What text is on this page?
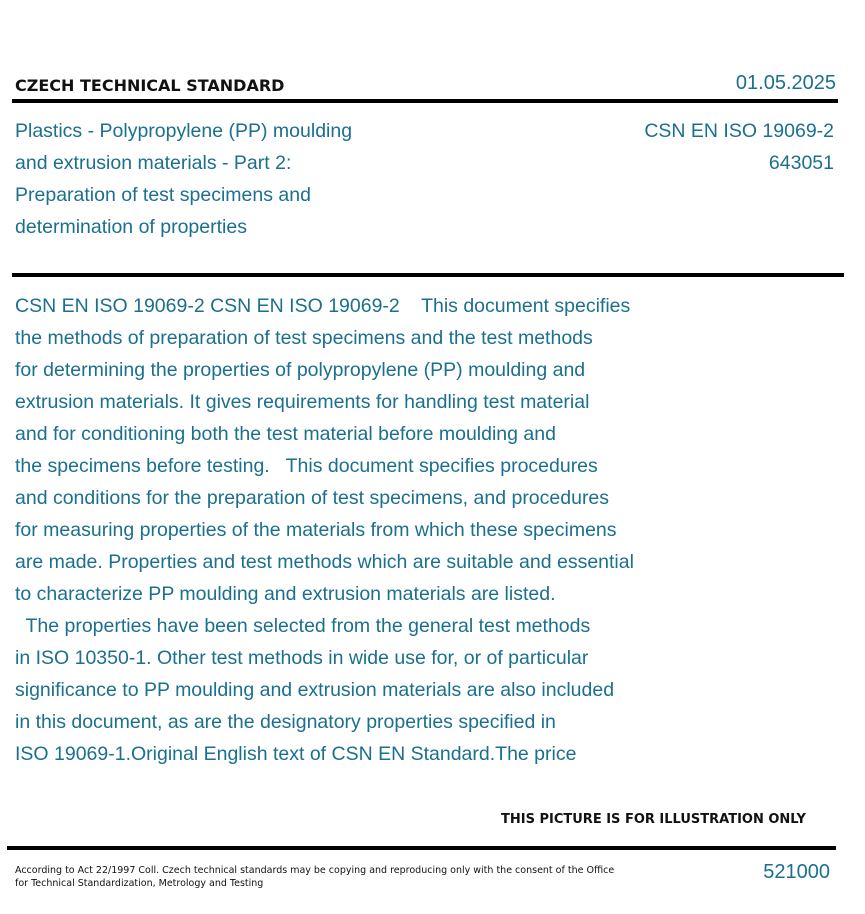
CZECH TECHNICAL STANDARD	01.05.2025
Plastics - Polypropylene (PP) moulding
and extrusion materials - Part 2:
Preparation of test specimens and
determination of properties
CSN EN ISO 19069-2
643051
CSN EN ISO 19069-2 CSN EN ISO 19069-2    This document specifies
the methods of preparation of test specimens and the test methods
for determining the properties of polypropylene (PP) moulding and
extrusion materials. It gives requirements for handling test material
and for conditioning both the test material before moulding and
the specimens before testing.   This document specifies procedures
and conditions for the preparation of test specimens, and procedures
for measuring properties of the materials from which these specimens
are made. Properties and test methods which are suitable and essential
to characterize PP moulding and extrusion materials are listed.
The properties have been selected from the general test methods
in ISO 10350-1. Other test methods in wide use for, or of particular
significance to PP moulding and extrusion materials are also included
in this document, as are the designatory properties specified in
ISO 19069-1.Original English text of CSN EN Standard.The price
THIS PICTURE IS FOR ILLUSTRATION ONLY
According to Act 22/1997 Coll. Czech technical standards may be copying and reproducing only with the consent of the Office
for Technical Standardization, Metrology and Testing
521000
